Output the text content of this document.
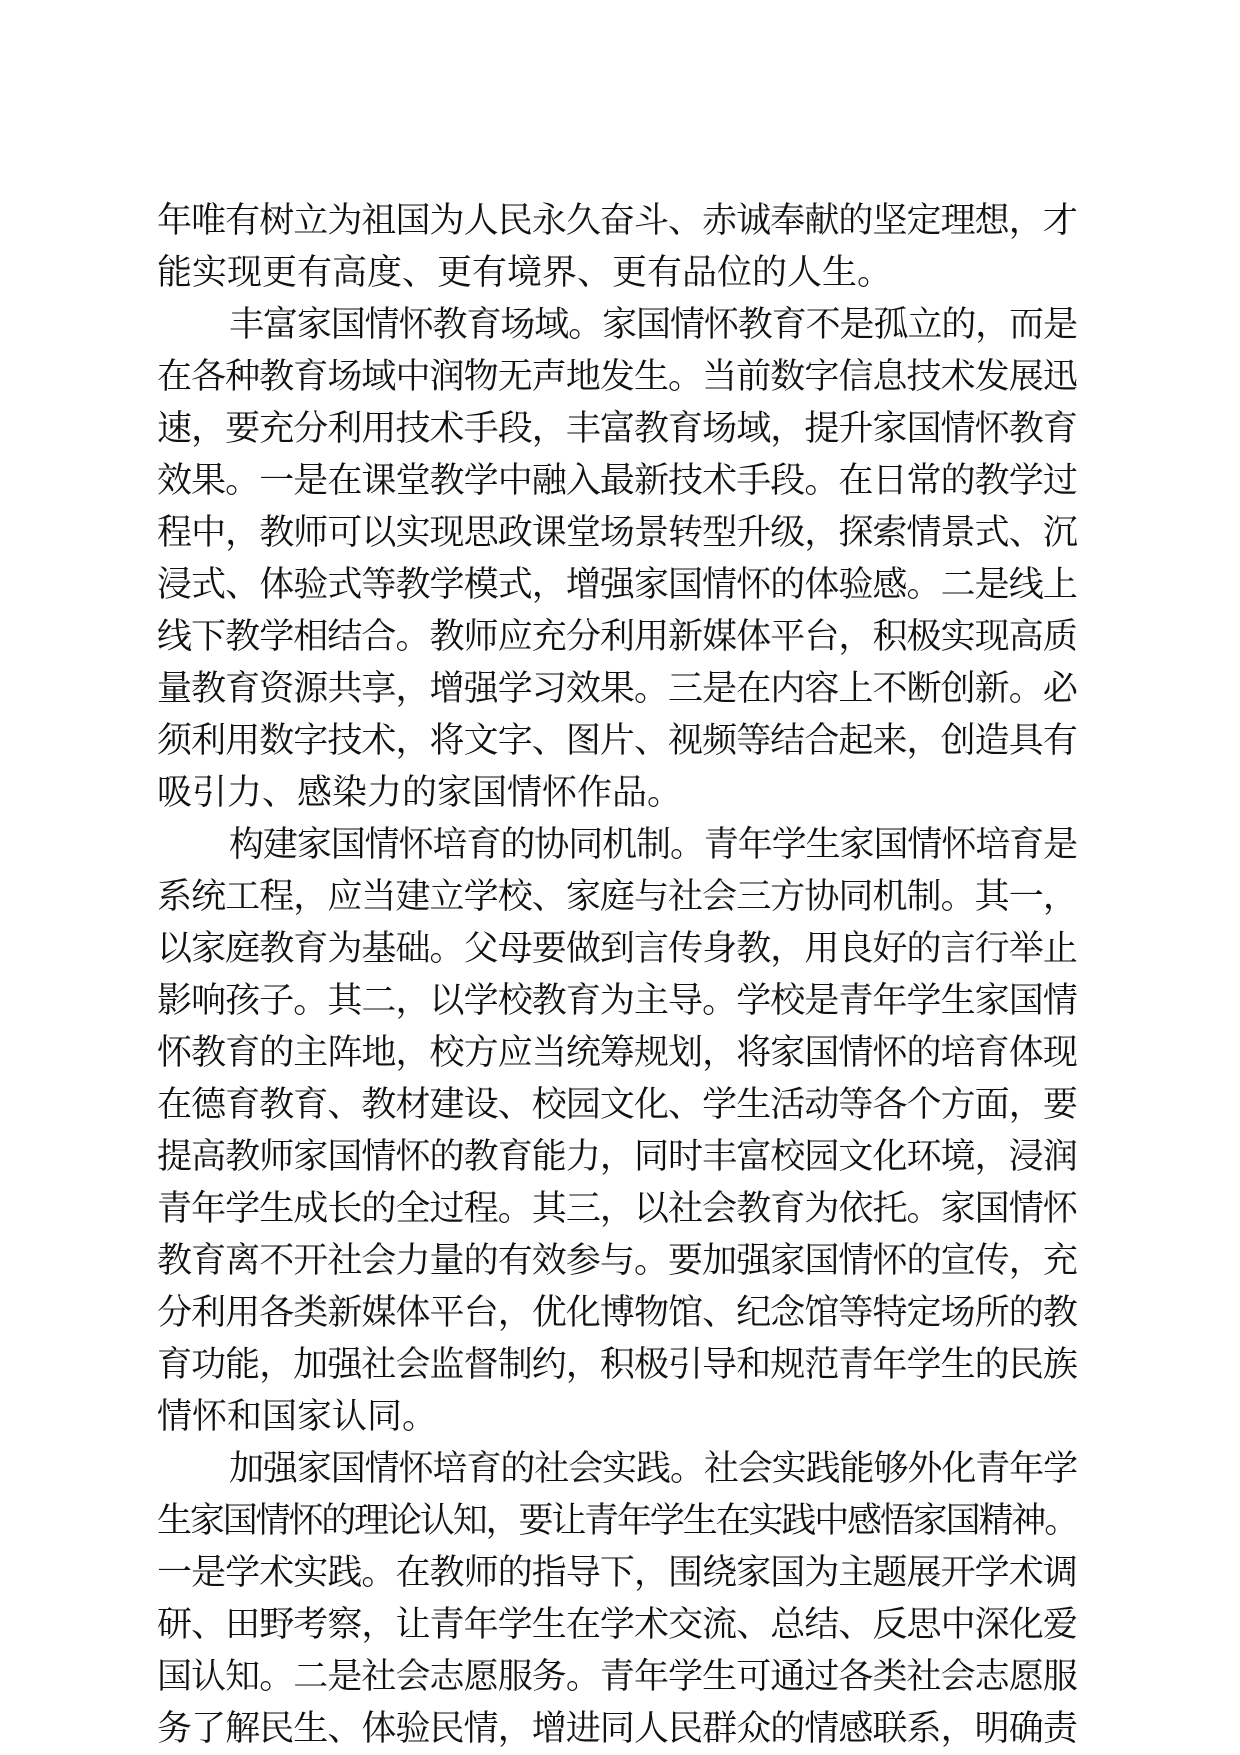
年唯有树立为祖国为人民永久奋斗、赤诚奉献的坚定理想，才
能实现更有高度、更有境界、更有品位的人生。
丰富家国情怀教育场域。家国情怀教育不是孤立的，而是
在各种教育场域中润物无声地发生。当前数字信息技术发展迅
速，要充分利用技术手段，丰富教育场域，提升家国情怀教育
效果。一是在课堂教学中融入最新技术手段。在日常的教学过
程中，教师可以实现思政课堂场景转型升级，探索情景式、沉
浸式、体验式等教学模式，增强家国情怀的体验感。二是线上
线下教学相结合。教师应充分利用新媒体平台，积极实现高质
量教育资源共享，增强学习效果。三是在内容上不断创新。必
须利用数字技术，将文字、图片、视频等结合起来，创造具有
吸引力、感染力的家国情怀作品。
构建家国情怀培育的协同机制。青年学生家国情怀培育是
系统工程，应当建立学校、家庭与社会三方协同机制。其一，
以家庭教育为基础。父母要做到言传身教，用良好的言行举止
影响孩子。其二，以学校教育为主导。学校是青年学生家国情
怀教育的主阵地，校方应当统筹规划，将家国情怀的培育体现
在德育教育、教材建设、校园文化、学生活动等各个方面，要
提高教师家国情怀的教育能力，同时丰富校园文化环境，浸润
青年学生成长的全过程。其三，以社会教育为依托。家国情怀
教育离不开社会力量的有效参与。要加强家国情怀的宣传，充
分利用各类新媒体平台，优化博物馆、纪念馆等特定场所的教
育功能，加强社会监督制约，积极引导和规范青年学生的民族
情怀和国家认同。
加强家国情怀培育的社会实践。社会实践能够外化青年学
生家国情怀的理论认知，要让青年学生在实践中感悟家国精神。
一是学术实践。在教师的指导下，围绕家国为主题展开学术调
研、田野考察，让青年学生在学术交流、总结、反思中深化爱
国认知。二是社会志愿服务。青年学生可通过各类社会志愿服
务了解民生、体验民情，增进同人民群众的情感联系，明确责
